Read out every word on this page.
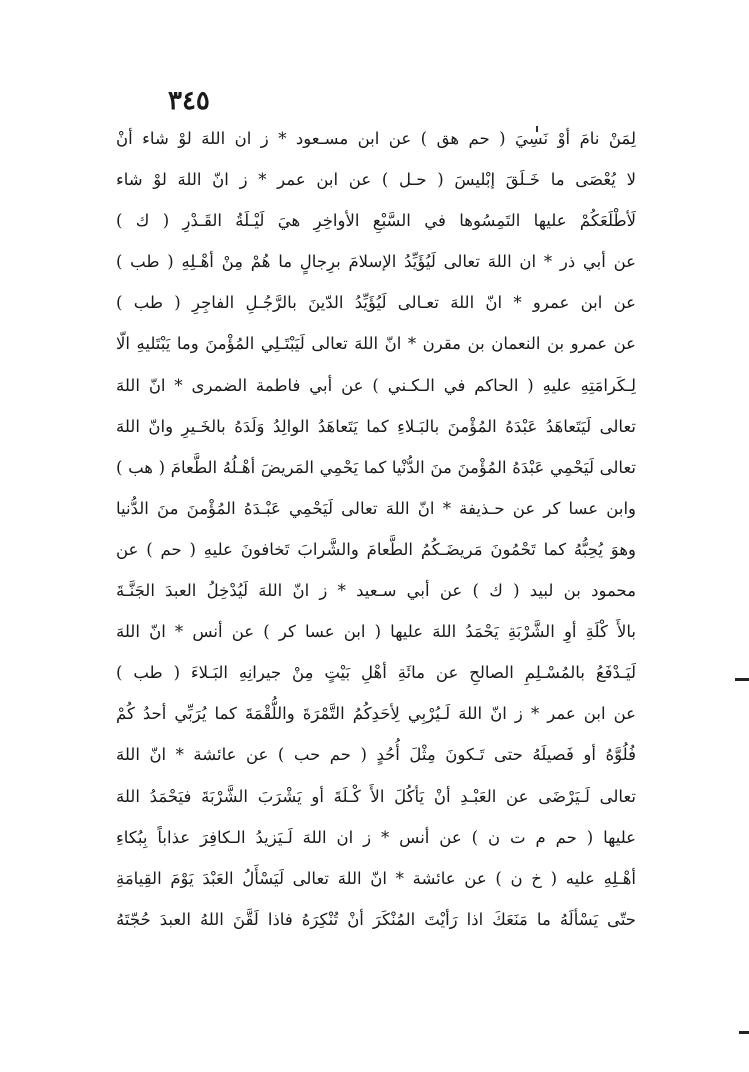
٣٤٥
لِمَنْ نامَ أوْ نَسِيَ ( حم هق ) عن ابن مسـعود * ز ان اللهَ لوْ شاء أنْ
لا يُعْصَى ما خَـلَقَ إبْليسَ ( حـل ) عن ابن عمر * ز انّ اللهَ لوْ شاء
لَأطْلَعَكُمْ عليها التَمِسُوها في السَّبْعِ الأواخِرِ هيَ لَيْـلَةُ القَـدْرِ ( ك )
عن أبي ذر * ان اللهَ تعالى لَيُؤَيِّدُ الإسلامَ برِجالٍ ما هُمْ مِنْ أهْـلِهِ ( طب )
عن ابن عمرو * انّ اللهَ تعـالى لَيُؤَيِّدُ الدّينَ بالرَّجُـلِ الفاجِرِ ( طب )
عن عمرو بن النعمان بن مقرن * انّ اللهَ تعالى لَيَبْتَـلِي المُؤْمنَ وما يَبْتَليهِ الّا
لِـكَرامَتِهِ عليهِ ( الحاكم في الـكـني ) عن أبي فاطمة الضمرى * انّ اللهَ
تعالى لَيَتَعاهَدُ عَبْدَهُ المُؤْمنَ بالبَـلاءِ كما يَتَعاهَدُ الوالِدُ وَلَدَهُ بالخَـيرِ وانّ اللهَ
تعالى لَيَحْمِي عَبْدَهُ المُؤْمنَ منَ الدُّنْيا كما يَحْمِي المَريضَ أهْـلُهُ الطَّعامَ ( هب )
وابن عسا كر عن حـذيفة * انّ اللهَ تعالى لَيَحْمِي عَبْـدَهُ المُؤْمنَ منَ الدُّنيا
وهوَ يُحِبُّهُ كما تَحْمُونَ مَريضَـكُمُ الطَّعامَ والشَّرابَ تَخافونَ عليهِ ( حم ) عن
محمود بن لبيد ( ك ) عن أبي سـعيد * ز انّ اللهَ لَيُدْخِلُ العبدَ الجَنَّـةَ
بالأَ كْلَةِ أوِ الشَّرْبَةِ يَحْمَدُ اللهَ عليها ( ابن عسا كر ) عن أنس * انّ اللهَ
لَيَـدْفَعُ بالمُسْـلِمِ الصالحِ عن مائَةِ أهْلِ بَيْتٍ مِنْ جيرانِهِ البَـلاءَ ( طب )
عن ابن عمر * ز انّ اللهَ لَـيُرْبِي لِأحَدِكُمُ التَّمْرَةَ واللُّقْمَةَ كما يُرَبِّي أحدُ كُمْ
فُلُوَّهُ أو فَصيلَهُ حتى تَـكونَ مِثْلَ أُحُدٍ ( حم حب ) عن عائشة * انّ اللهَ
تعالى لَـيَرْضَى عن العَبْـدِ أنْ يَأكُلَ الأَ كْـلَةَ أو يَشْرَبَ الشَّرْبَةَ فيَحْمَدُ اللهَ
عليها ( حم م ت ن ) عن أنس * ز ان اللهَ لَـيَزيدُ الـكافِرَ عذاباً بِبُكاءِ
أهْـلِهِ عليه ( خ ن ) عن عائشة * انّ اللهَ تعالى لَيَسْأَلُ العَبْدَ يَوْمَ القِيامَةِ
حتّى يَسْألَهُ ما مَنَعَكَ اذا رَأيْتَ المُنْكَرَ أنْ تُنْكِرَهُ فاذا لَقَّنَ اللهُ العبدَ حُجّتَهُ
